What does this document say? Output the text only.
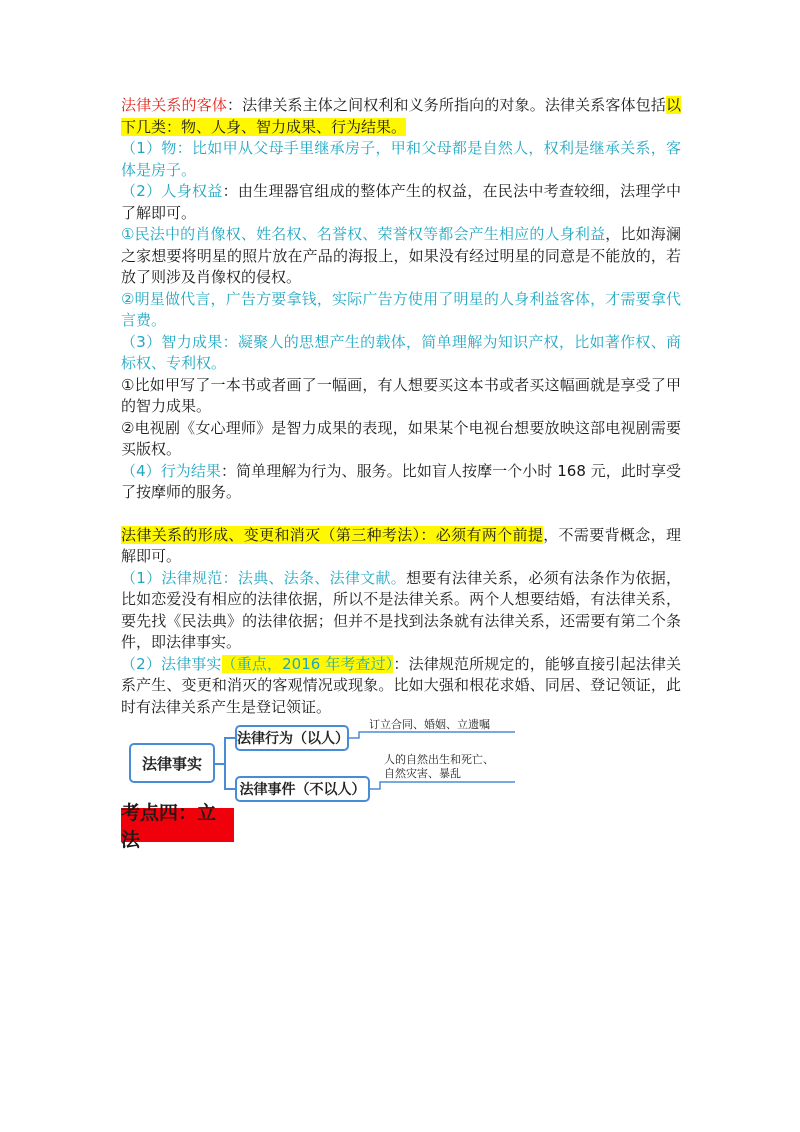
法律关系的客体：法律关系主体之间权利和义务所指向的对象。法律关系客体包括以下几类：物、人身、智力成果、行为结果。

（1）物：比如甲从父母手里继承房子，甲和父母都是自然人，权利是继承关系，客体是房子。

（2）人身权益：由生理器官组成的整体产生的权益，在民法中考查较细，法理学中了解即可。

①民法中的肖像权、姓名权、名誉权、荣誉权等都会产生相应的人身利益，比如海澜之家想要将明星的照片放在产品的海报上，如果没有经过明星的同意是不能放的，若放了则涉及肖像权的侵权。

②明星做代言，广告方要拿钱，实际广告方使用了明星的人身利益客体，才需要拿代言费。

（3）智力成果：凝聚人的思想产生的载体，简单理解为知识产权，比如著作权、商标权、专利权。

①比如甲写了一本书或者画了一幅画，有人想要买这本书或者买这幅画就是享受了甲的智力成果。

②电视剧《女心理师》是智力成果的表现，如果某个电视台想要放映这部电视剧需要买版权。

（4）行为结果：简单理解为行为、服务。比如盲人按摩一个小时 168 元，此时享受了按摩师的服务。

法律关系的形成、变更和消灭（第三种考法）：必须有两个前提，不需要背概念，理解即可。

（1）法律规范：法典、法条、法律文献。想要有法律关系，必须有法条作为依据，比如恋爱没有相应的法律依据，所以不是法律关系。两个人想要结婚，有法律关系，要先找《民法典》的法律依据；但并不是找到法条就有法律关系，还需要有第二个条件，即法律事实。

（2）法律事实（重点，2016 年考查过）：法律规范所规定的，能够直接引起法律关系产生、变更和消灭的客观情况或现象。比如大强和根花求婚、同居、登记领证，此时有法律关系产生是登记领证。

法律事实
法律行为（以人）
法律事件（不以人）
订立合同、婚姻、立遗嘱
人的自然出生和死亡、
自然灾害、暴乱
考点四：立法
